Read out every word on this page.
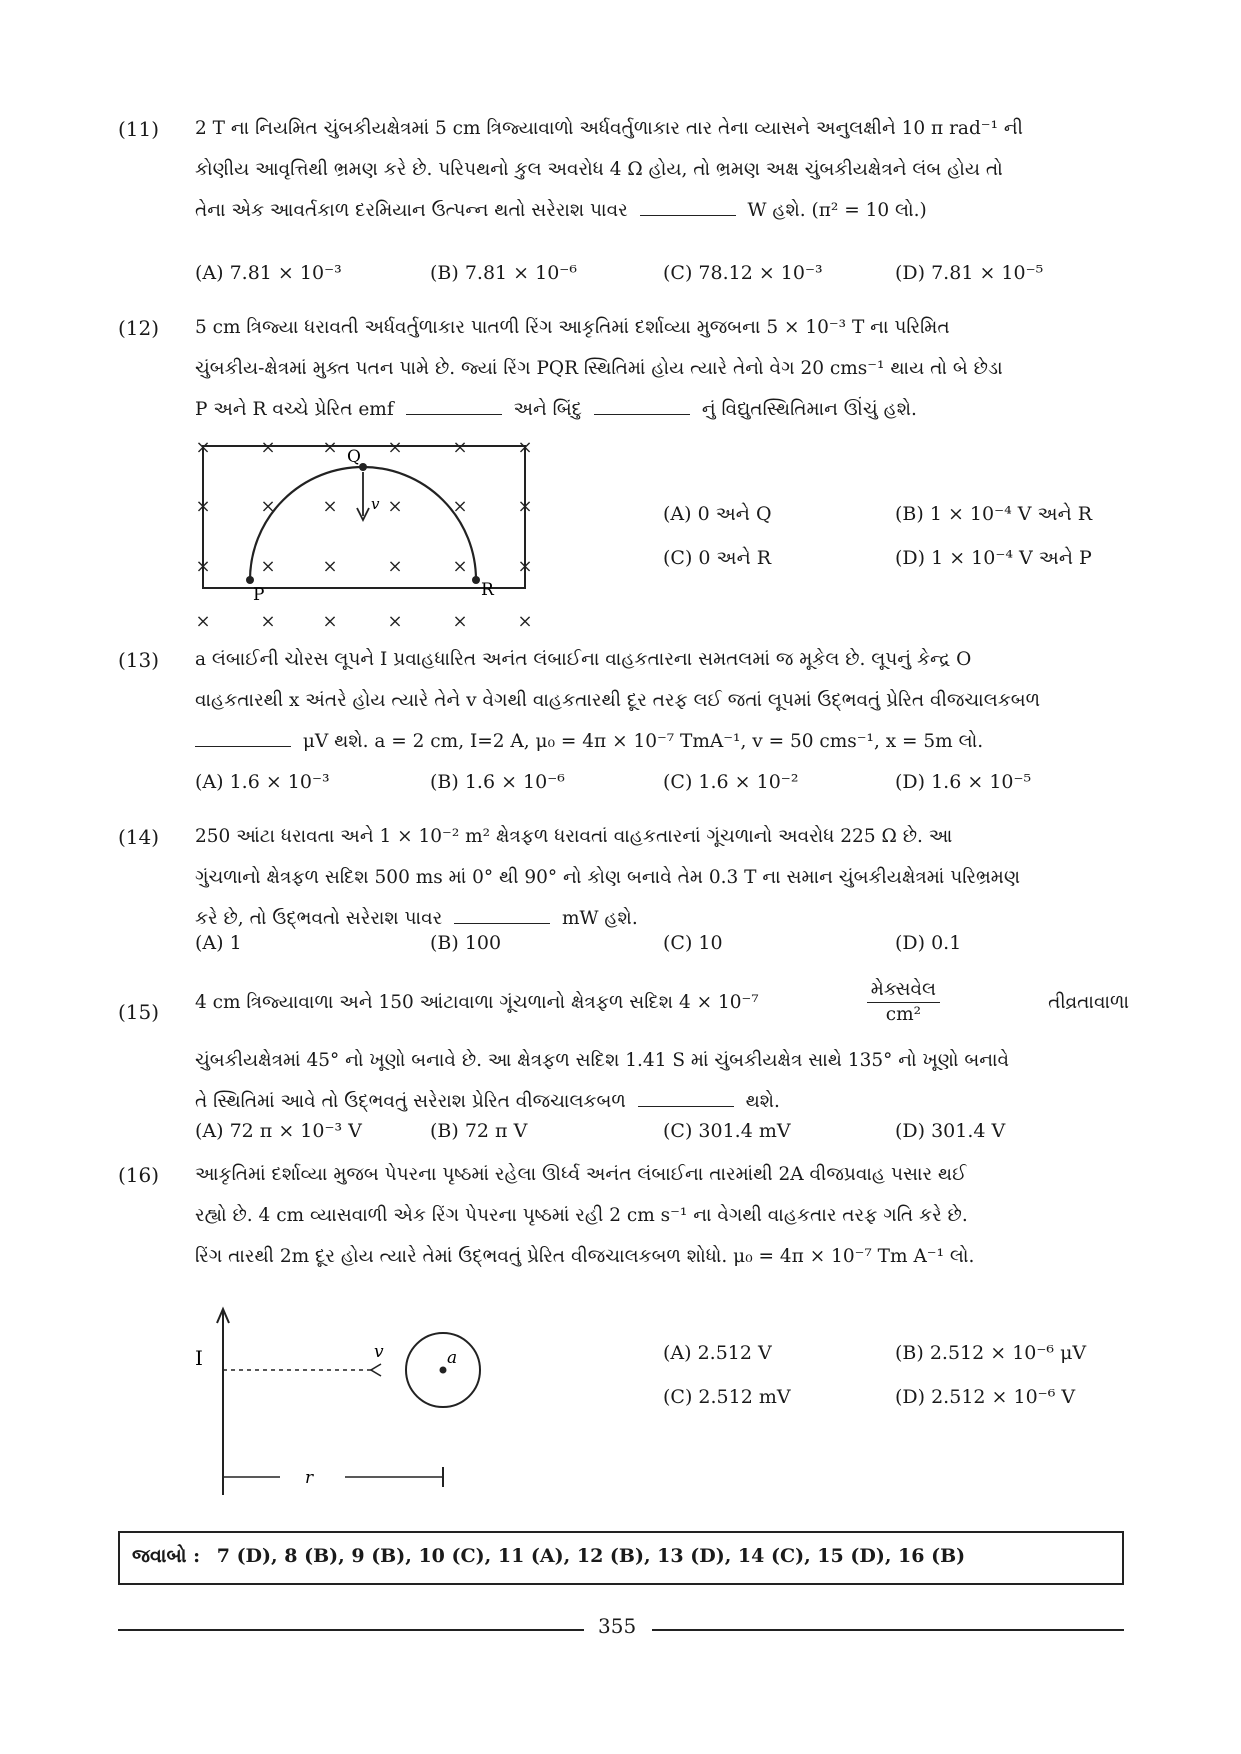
(11) 2 T ના નિયમિત ચુંબકીયક્ષેત્રમાં 5 cm ત્રિજ્યાવાળો અર્ધવર્તુળાકાર તાર તેના વ્યાસને અનુલક્ષીને 10 π rad⁻¹ ની
કોણીય આવૃત્તિથી ભ્રમણ કરે છે. પરિપથનો કુલ અવરોધ 4 Ω હોય, તો ભ્રમણ અક્ષ ચુંબકીયક્ષેત્રને લંબ હોય તો
તેના એક આવર્તકાળ દરમિયાન ઉત્પન્ન થતો સરેરાશ પાવર	W હશે. (π² = 10 લો.)
(A) 7.81 × 10⁻³	(B) 7.81 × 10⁻⁶	(C) 78.12 × 10⁻³	(D) 7.81 × 10⁻⁵
(12) 5 cm ત્રિજ્યા ધરાવતી અર્ધવર્તુળાકાર પાતળી રિંગ આકૃતિમાં દર્શાવ્યા મુજબના 5 × 10⁻³ T ના પરિમિત
ચુંબકીય-ક્ષેત્રમાં મુક્ત પતન પામે છે. જ્યાં રિંગ PQR સ્થિતિમાં હોય ત્યારે તેનો વેગ 20 cms⁻¹ થાય તો બે છેડા
P અને R વચ્ચે પ્રેરિત emf	અને બિંદુ	નું વિદ્યુતસ્થિતિમાન ઊંચું હશે.
×	×	×	×	×	×
×	×	×	×	×	×
×	×	×	×	×	×
×	×	×	×	×	×
Q
P	R
v	(A) 0 અને Q	(B) 1 × 10⁻⁴ V અને R
(C) 0 અને R	(D) 1 × 10⁻⁴ V અને P
(13) a લંબાઈની ચોરસ લૂપને I પ્રવાહધારિત અનંત લંબાઈના વાહકતારના સમતલમાં જ મૂકેલ છે. લૂપનું કેન્દ્ર O
વાહકતારથી x અંતરે હોય ત્યારે તેને v વેગથી વાહકતારથી દૂર તરફ લઈ જતાં લૂપમાં ઉદ્ભવતું પ્રેરિત વીજચાલકબળ
μV થશે. a = 2 cm, I=2 A, μ₀ = 4π × 10⁻⁷ TmA⁻¹, v = 50 cms⁻¹, x = 5m લો.
(A) 1.6 × 10⁻³	(B) 1.6 × 10⁻⁶	(C) 1.6 × 10⁻²	(D) 1.6 × 10⁻⁵
(14) 250 આંટા ધરાવતા અને 1 × 10⁻² m² ક્ષેત્રફળ ધરાવતાં વાહકતારનાં ગૂંચળાનો અવરોધ 225 Ω છે. આ
ગુંચળાનો ક્ષેત્રફળ સદિશ 500 ms માં 0° થી 90° નો કોણ બનાવે તેમ 0.3 T ના સમાન ચુંબકીયક્ષેત્રમાં પરિભ્રમણ
કરે છે, તો ઉદ્ભવતો સરેરાશ પાવર	mW હશે.
(A) 1	(B) 100	(C) 10	(D) 0.1
(15) 4 cm ત્રિજ્યાવાળા અને 150 આંટાવાળા ગૂંચળાનો ક્ષેત્રફળ સદિશ 4 × 10⁻⁷	$\frac{\text{મેક્સવેલ}}{\text{cm²}}$	તીવ્રતાવાળા
ચુંબકીયક્ષેત્રમાં 45° નો ખૂણો બનાવે છે. આ ક્ષેત્રફળ સદિશ 1.41 S માં ચુંબકીયક્ષેત્ર સાથે 135° નો ખૂણો બનાવે
તે સ્થિતિમાં આવે તો ઉદ્ભવતું સરેરાશ પ્રેરિત વીજચાલકબળ	થશે.
(A) 72 π × 10⁻³ V	(B) 72 π V	(C) 301.4 mV	(D) 301.4 V
(16) આકૃતિમાં દર્શાવ્યા મુજબ પેપરના પૃષ્ઠમાં રહેલા ઊર્ધ્વ અનંત લંબાઈના તારમાંથી 2A વીજપ્રવાહ પસાર થઈ
રહ્યો છે. 4 cm વ્યાસવાળી એક રિંગ પેપરના પૃષ્ઠમાં રહી 2 cm s⁻¹ ના વેગથી વાહકતાર તરફ ગતિ કરે છે.
રિંગ તારથી 2m દૂર હોય ત્યારે તેમાં ઉદ્ભવતું પ્રેરિત વીજચાલકબળ શોધો. μ₀ = 4π × 10⁻⁷ Tm A⁻¹ લો.
I	v	a
r
(A) 2.512 V	(B) 2.512 × 10⁻⁶ μV
(C) 2.512 mV	(D) 2.512 × 10⁻⁶ V
જવાબો : 7 (D), 8 (B), 9 (B), 10 (C), 11 (A), 12 (B), 13 (D), 14 (C), 15 (D), 16 (B)
355
